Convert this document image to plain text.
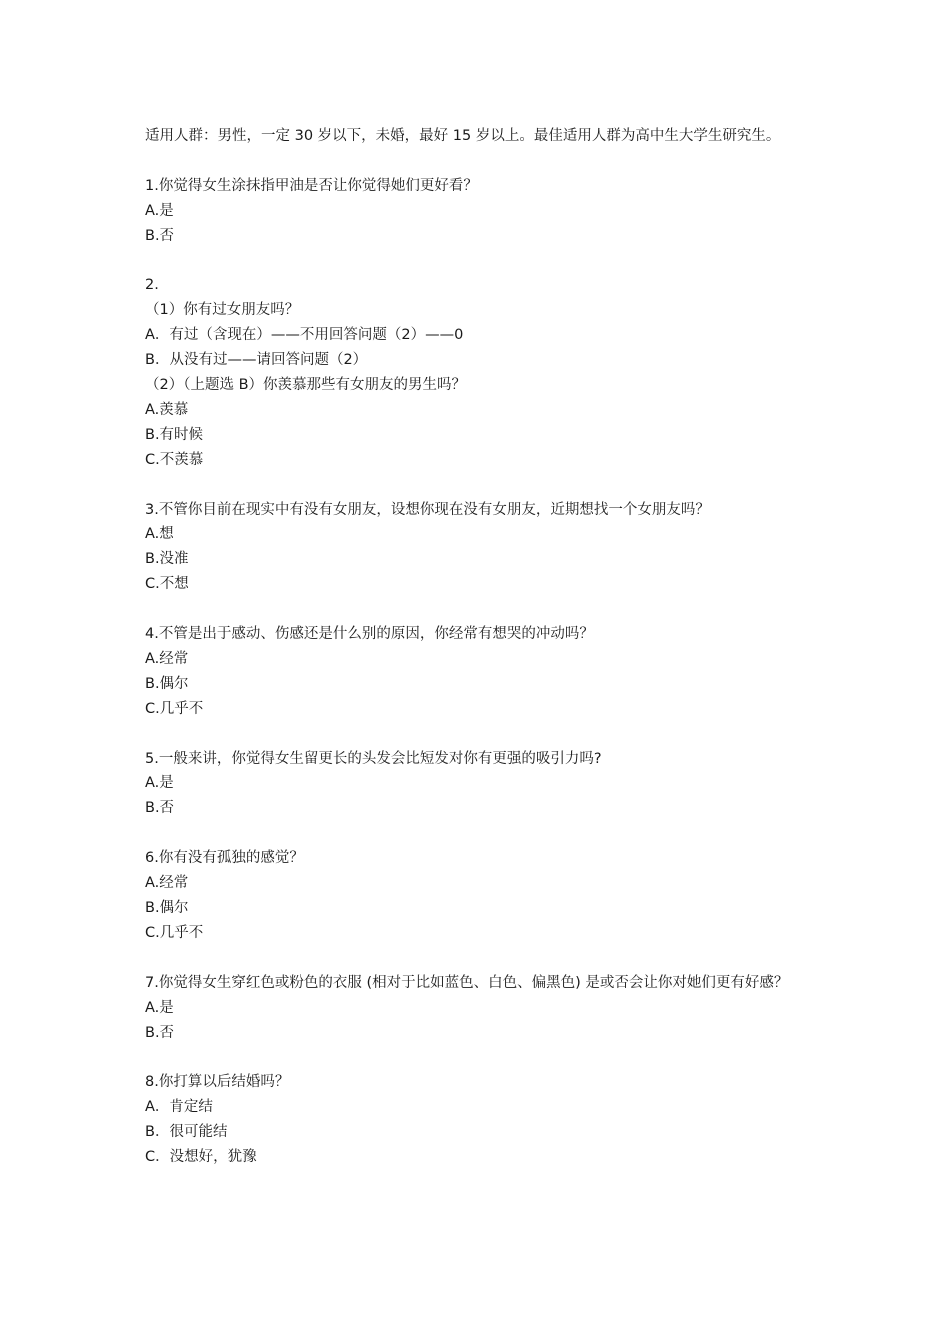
适用人群：男性，一定 30 岁以下，未婚，最好 15 岁以上。最佳适用人群为高中生大学生研究生。
1.你觉得女生涂抹指甲油是否让你觉得她们更好看？
A.是
B.否
2.
（1）你有过女朋友吗？
A．有过（含现在）——不用回答问题（2）——0
B．从没有过——请回答问题（2）
（2）（上题选 B）你羡慕那些有女朋友的男生吗？
A.羡慕
B.有时候
C.不羡慕
3.不管你目前在现实中有没有女朋友，设想你现在没有女朋友，近期想找一个女朋友吗？
A.想
B.没准
C.不想
4.不管是出于感动、伤感还是什么别的原因，你经常有想哭的冲动吗？
A.经常
B.偶尔
C.几乎不
5.一般来讲，你觉得女生留更长的头发会比短发对你有更强的吸引力吗?
A.是
B.否
6.你有没有孤独的感觉？
A.经常
B.偶尔
C.几乎不
7.你觉得女生穿红色或粉色的衣服 (相对于比如蓝色、白色、偏黑色) 是或否会让你对她们更有好感？
A.是
B.否
8.你打算以后结婚吗？
A．肯定结
B．很可能结
C．没想好，犹豫
